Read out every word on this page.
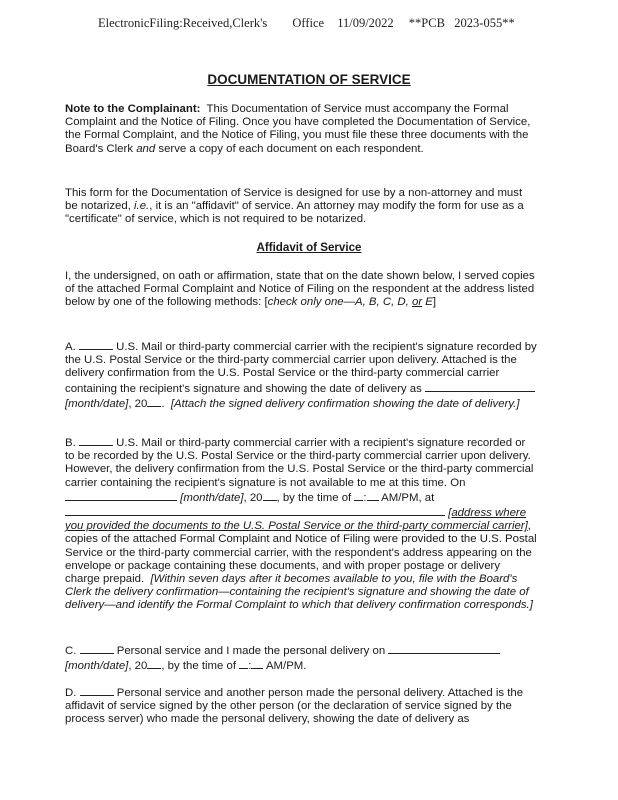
ElectronicFiling:Received,Clerk's Office 11/09/2022 **PCB   2023-055**
DOCUMENTATION OF SERVICE

Note to the Complainant: This Documentation of Service must accompany the Formal Complaint and the Notice of Filing. Once you have completed the Documentation of Service, the Formal Complaint, and the Notice of Filing, you must file these three documents with the Board's Clerk and serve a copy of each document on each respondent.

This form for the Documentation of Service is designed for use by a non-attorney and must be notarized, i.e., it is an "affidavit" of service. An attorney may modify the form for use as a "certificate" of service, which is not required to be notarized.

Affidavit of Service

I, the undersigned, on oath or affirmation, state that on the date shown below, I served copies of the attached Formal Complaint and Notice of Filing on the respondent at the address listed below by one of the following methods: [check only one—A, B, C, D, or E]

A.	U.S. Mail or third-party commercial carrier with the recipient's signature recorded by the U.S. Postal Service or the third-party commercial carrier upon delivery. Attached is the delivery confirmation from the U.S. Postal Service or the third-party commercial carrier containing the recipient's signature and showing the date of delivery as  [month/date], 20 . [Attach the signed delivery confirmation showing the date of delivery.]

B.	U.S. Mail or third-party commercial carrier with a recipient's signature recorded or to be recorded by the U.S. Postal Service or the third-party commercial carrier upon delivery. However, the delivery confirmation from the U.S. Postal Service or the third-party commercial carrier containing the recipient's signature is not available to me at this time. On  [month/date], 20 , by the time of : AM/PM, at  [address where you provided the documents to the U.S. Postal Service or the third-party commercial carrier], copies of the attached Formal Complaint and Notice of Filing were provided to the U.S. Postal Service or the third-party commercial carrier, with the respondent's address appearing on the envelope or package containing these documents, and with proper postage or delivery charge prepaid. [Within seven days after it becomes available to you, file with the Board's Clerk the delivery confirmation—containing the recipient's signature and showing the date of delivery—and identify the Formal Complaint to which that delivery confirmation corresponds.]

C.	Personal service and I made the personal delivery on  [month/date], 20 , by the time of : AM/PM.

D.	Personal service and another person made the personal delivery. Attached is the affidavit of service signed by the other person (or the declaration of service signed by the process server) who made the personal delivery, showing the date of delivery as
